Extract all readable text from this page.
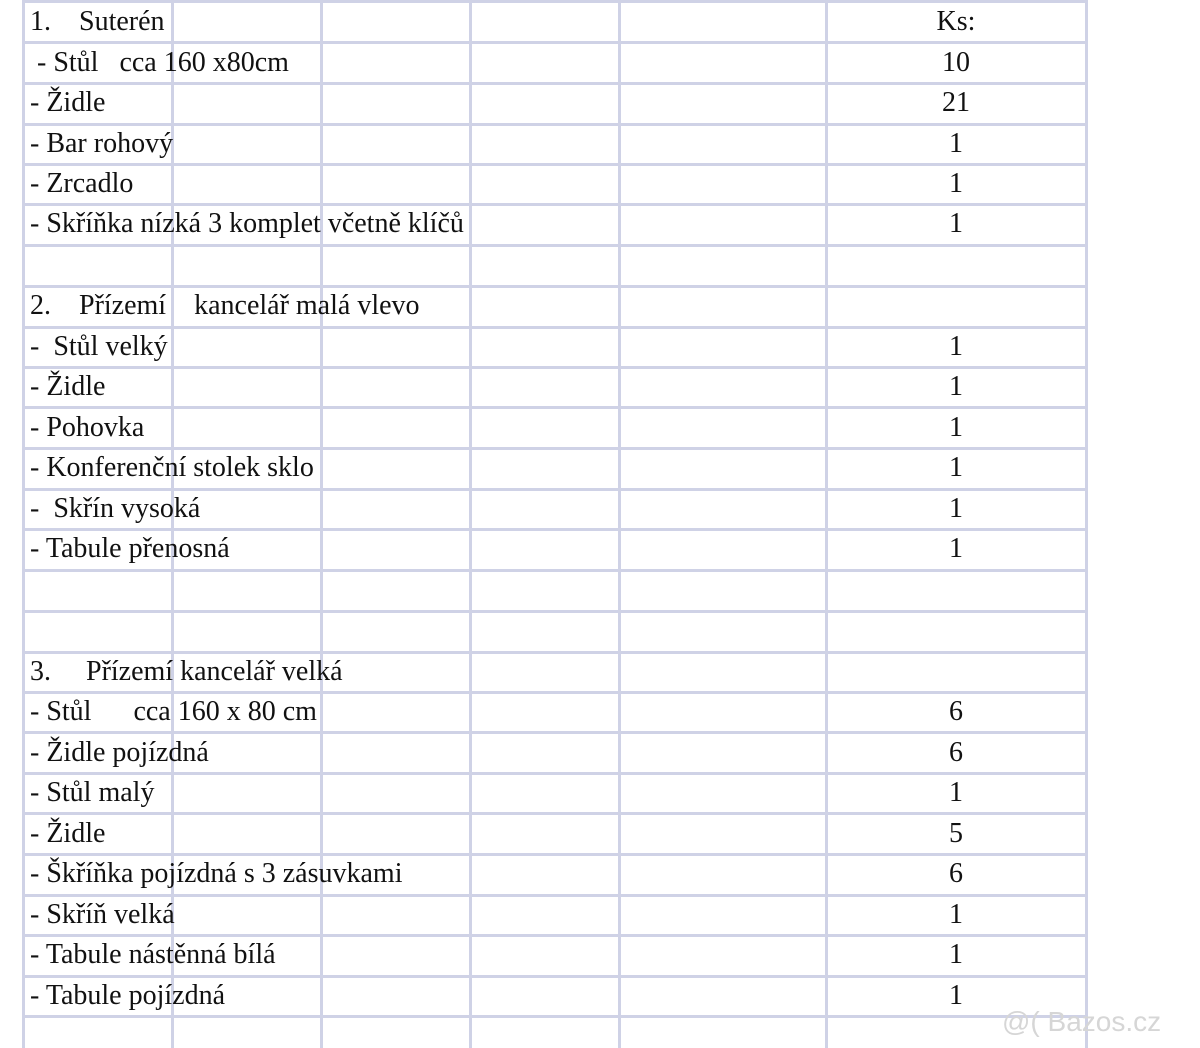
1.    Suterén	Ks:
- Stůl   cca 160 x80cm	10
- Židle	21
- Bar rohový	1
- Zrcadlo	1
- Skříňka nízká 3 komplet včetně klíčů	1
2.    Přízemí    kancelář malá vlevo
-  Stůl velký	1
- Židle	1
- Pohovka	1
- Konferenční stolek sklo	1
-  Skřín vysoká	1
- Tabule přenosná	1
3.     Přízemí kancelář velká
- Stůl      cca 160 x 80 cm	6
- Židle pojízdná	6
- Stůl malý	1
- Židle	5
- Škříňka pojízdná s 3 zásuvkami	6
- Skříň velká	1
- Tabule nástěnná bílá	1
- Tabule pojízdná	1
@( Bazos.cz
